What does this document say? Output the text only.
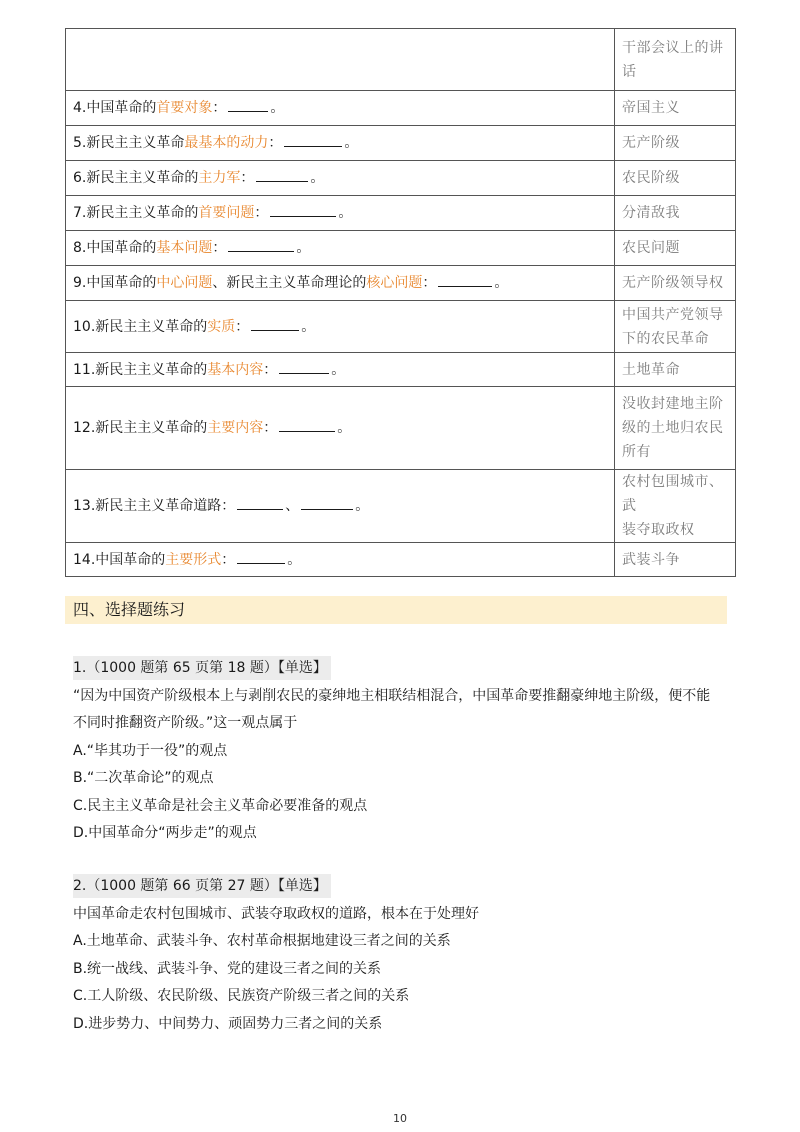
	干部会议上的讲
话

4.中国革命的首要对象： 。	帝国主义

5.新民主主义革命最基本的动力： 。	无产阶级

6.新民主主义革命的主力军： 。	农民阶级

7.新民主主义革命的首要问题： 。	分清敌我

8.中国革命的基本问题： 。	农民问题

9.中国革命的中心问题、新民主主义革命理论的核心问题： 。	无产阶级领导权

10.新民主主义革命的实质： 。	中国共产党领导
下的农民革命

11.新民主主义革命的基本内容： 。	土地革命

12.新民主主义革命的主要内容： 。	没收封建地主阶
级的土地归农民
所有

13.新民主主义革命道路： 、 。	农村包围城市、武
装夺取政权

14.中国革命的主要形式： 。	武装斗争
四、选择题练习
1.（1000 题第 65 页第 18 题）【单选】
“因为中国资产阶级根本上与剥削农民的豪绅地主相联结相混合，中国革命要推翻豪绅地主阶级，便不能
不同时推翻资产阶级。”这一观点属于
A.“毕其功于一役”的观点
B.“二次革命论”的观点
C.民主主义革命是社会主义革命必要准备的观点
D.中国革命分“两步走”的观点
2.（1000 题第 66 页第 27 题）【单选】
中国革命走农村包围城市、武装夺取政权的道路，根本在于处理好
A.土地革命、武装斗争、农村革命根据地建设三者之间的关系
B.统一战线、武装斗争、党的建设三者之间的关系
C.工人阶级、农民阶级、民族资产阶级三者之间的关系
D.进步势力、中间势力、顽固势力三者之间的关系
10
